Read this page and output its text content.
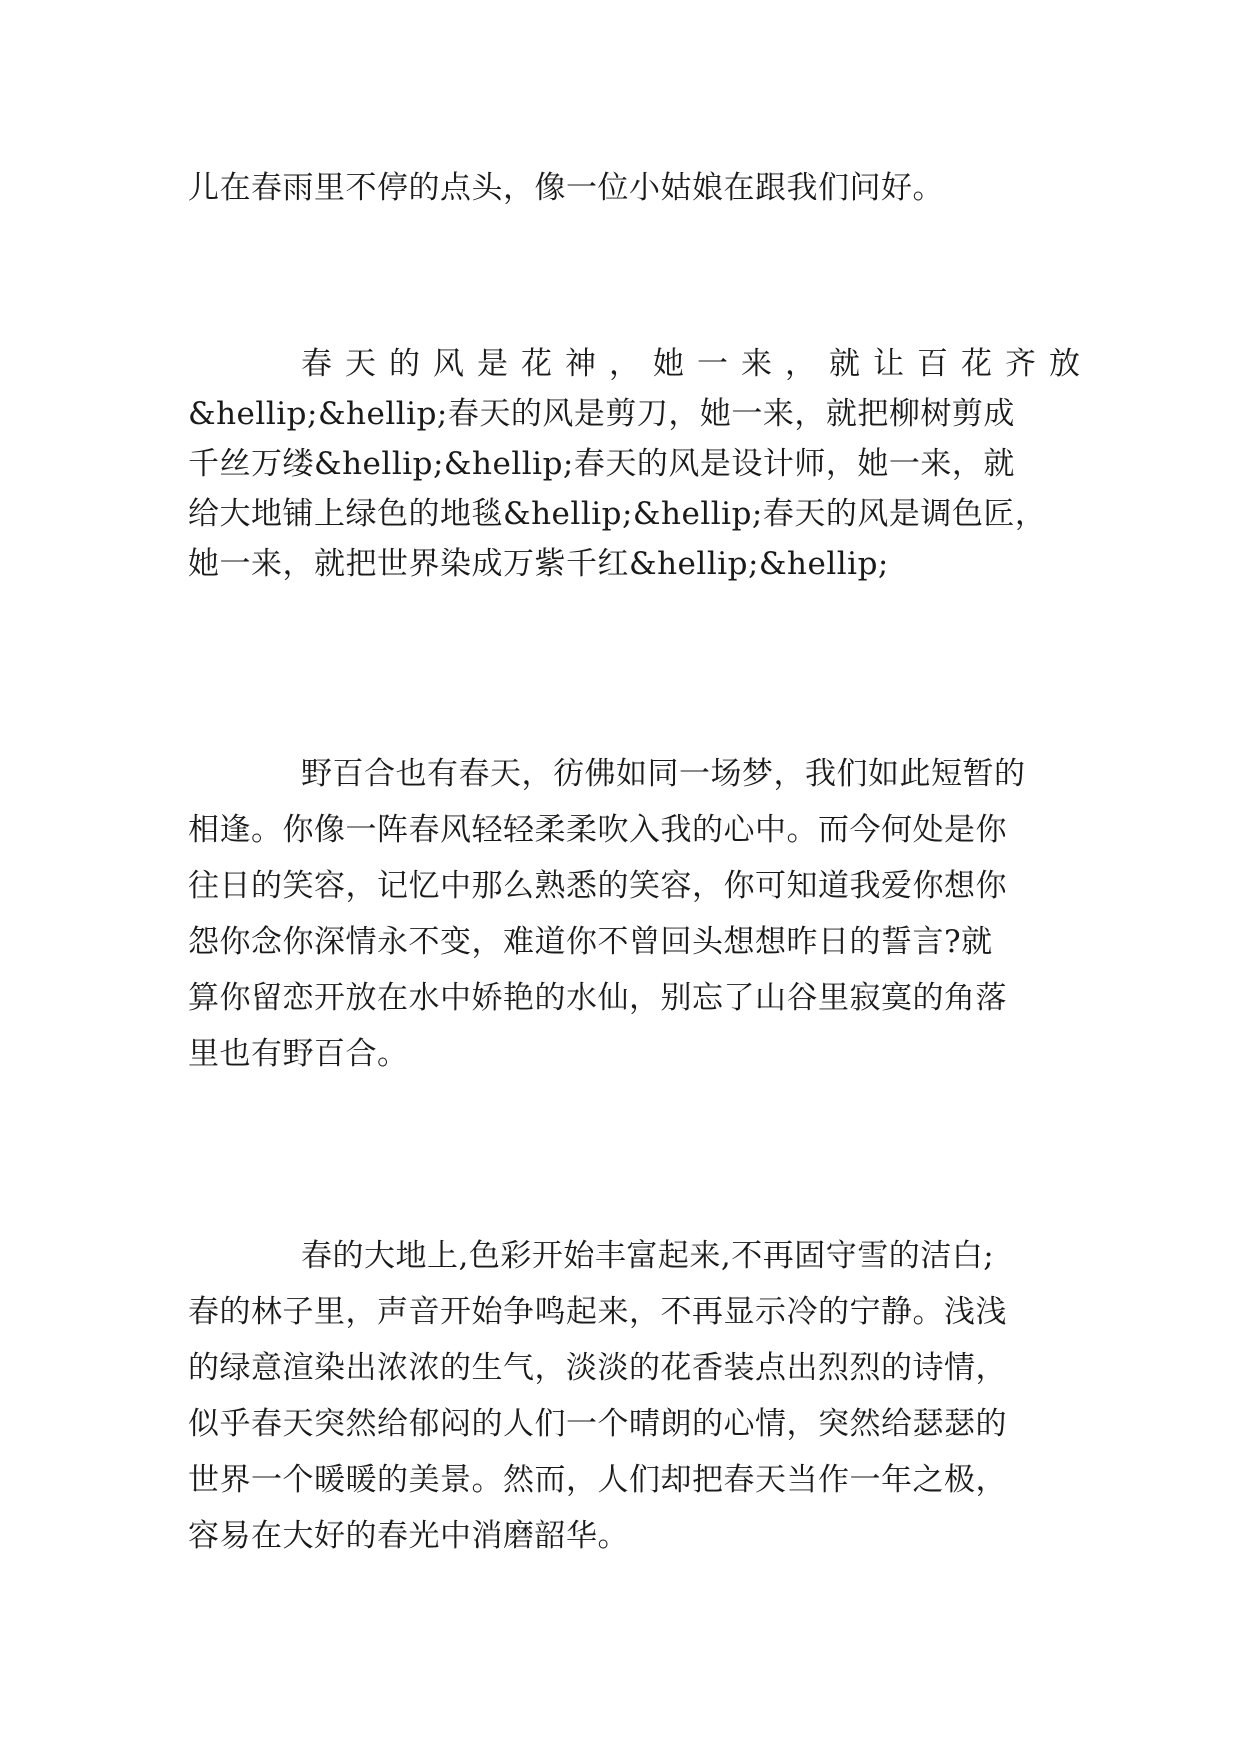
儿在春雨里不停的点头，像一位小姑娘在跟我们问好。

春天的风是花神，她一来，就让百花齐放

&hellip;&hellip;春天的风是剪刀，她一来，就把柳树剪成

千丝万缕&hellip;&hellip;春天的风是设计师，她一来，就

给大地铺上绿色的地毯&hellip;&hellip;春天的风是调色匠，

她一来，就把世界染成万紫千红&hellip;&hellip;

野百合也有春天，彷佛如同一场梦，我们如此短暂的

相逢。你像一阵春风轻轻柔柔吹入我的心中。而今何处是你

往日的笑容，记忆中那么熟悉的笑容，你可知道我爱你想你

怨你念你深情永不变，难道你不曾回头想想昨日的誓言?就

算你留恋开放在水中娇艳的水仙，别忘了山谷里寂寞的角落

里也有野百合。

春的大地上,色彩开始丰富起来,不再固守雪的洁白;

春的林子里，声音开始争鸣起来，不再显示冷的宁静。浅浅

的绿意渲染出浓浓的生气，淡淡的花香装点出烈烈的诗情，

似乎春天突然给郁闷的人们一个晴朗的心情，突然给瑟瑟的

世界一个暖暖的美景。然而，人们却把春天当作一年之极，

容易在大好的春光中消磨韶华。
